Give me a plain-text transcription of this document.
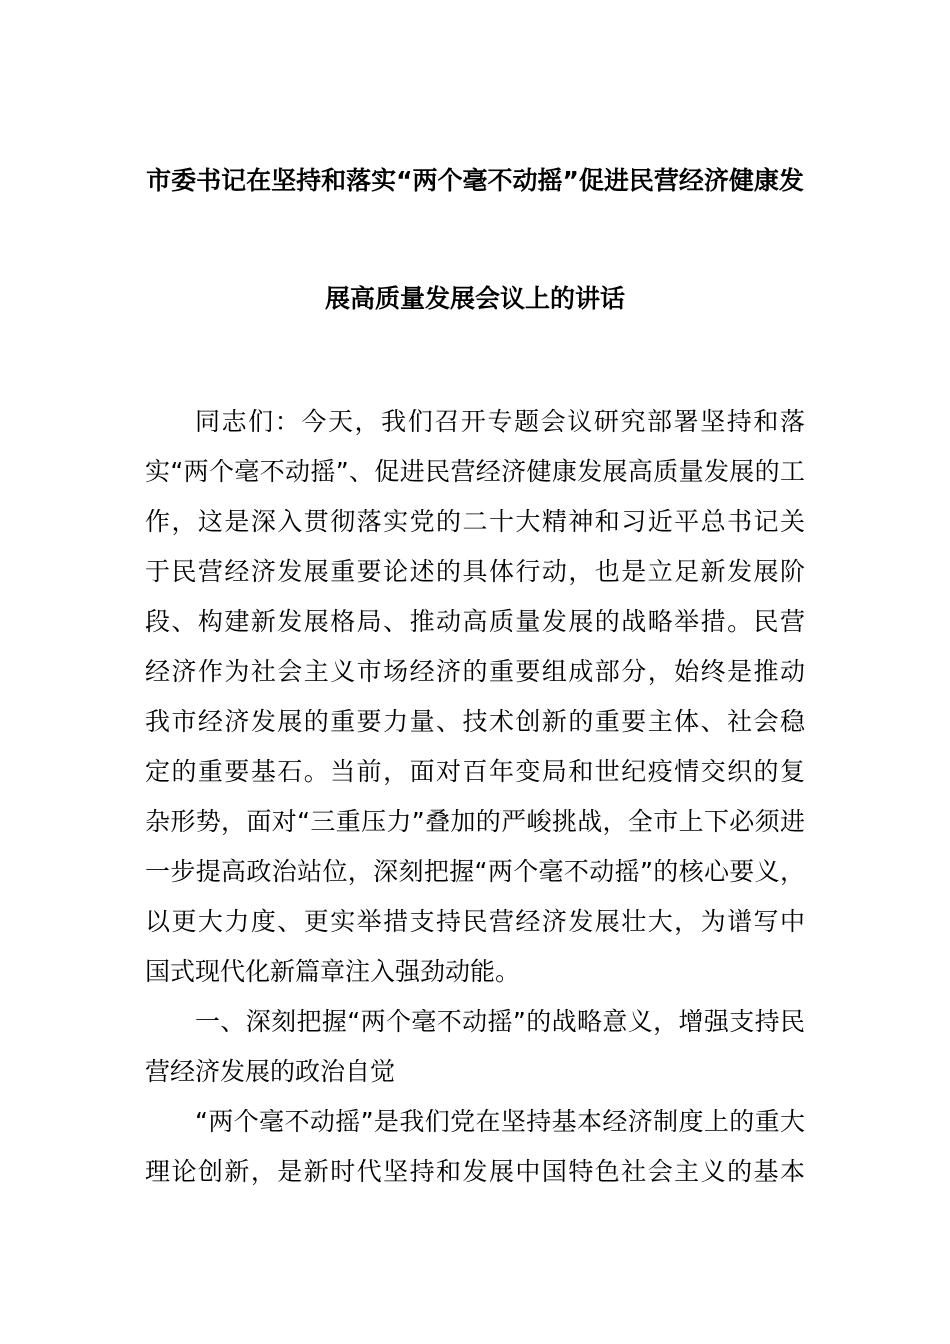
市委书记在坚持和落实“两个毫不动摇”促进民营经济健康发
展高质量发展会议上的讲话

同志们：今天，我们召开专题会议研究部署坚持和落
实“两个毫不动摇”、促进民营经济健康发展高质量发展的工
作，这是深入贯彻落实党的二十大精神和习近平总书记关
于民营经济发展重要论述的具体行动，也是立足新发展阶
段、构建新发展格局、推动高质量发展的战略举措。民营
经济作为社会主义市场经济的重要组成部分，始终是推动
我市经济发展的重要力量、技术创新的重要主体、社会稳
定的重要基石。当前，面对百年变局和世纪疫情交织的复
杂形势，面对“三重压力”叠加的严峻挑战，全市上下必须进
一步提高政治站位，深刻把握“两个毫不动摇”的核心要义，
以更大力度、更实举措支持民营经济发展壮大，为谱写中
国式现代化新篇章注入强劲动能。

一、深刻把握“两个毫不动摇”的战略意义，增强支持民
营经济发展的政治自觉

“两个毫不动摇”是我们党在坚持基本经济制度上的重大
理论创新，是新时代坚持和发展中国特色社会主义的基本
